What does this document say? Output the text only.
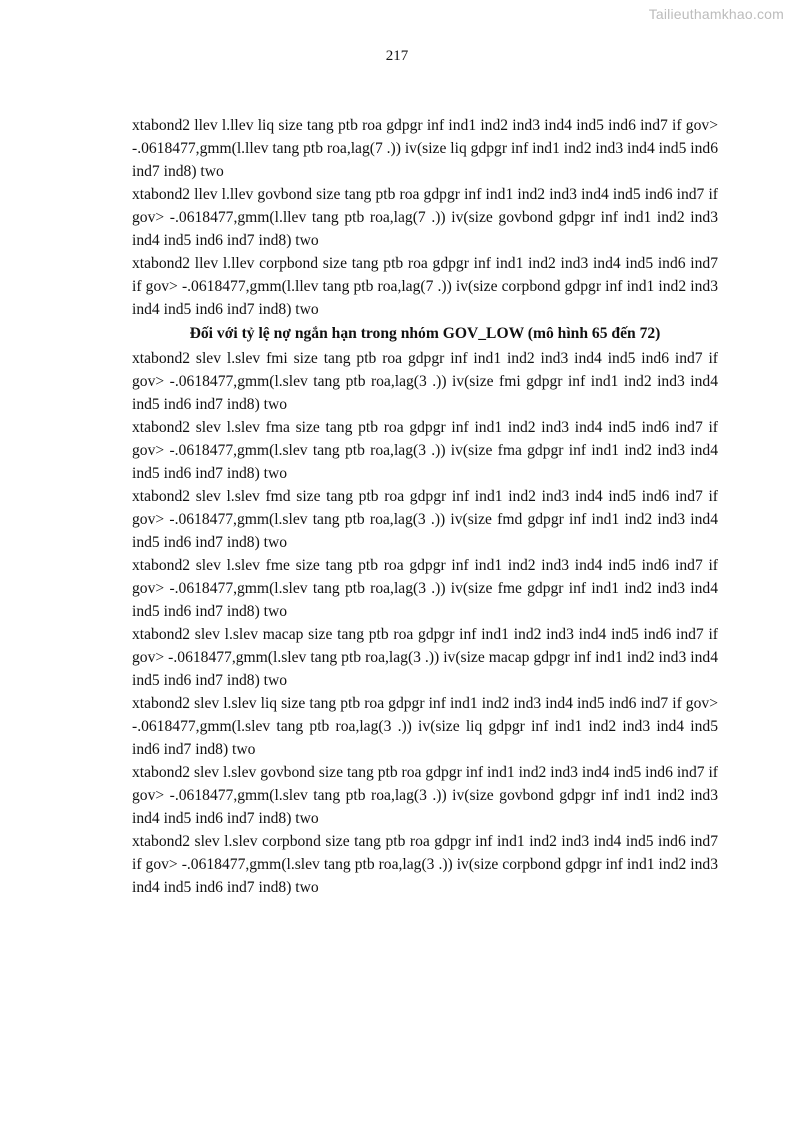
Tailieuthamkhao.com
217

xtabond2 llev l.llev liq size tang ptb roa gdpgr inf ind1 ind2 ind3 ind4 ind5 ind6 ind7 if gov> -.0618477,gmm(l.llev tang ptb roa,lag(7 .)) iv(size liq gdpgr inf ind1 ind2 ind3 ind4 ind5 ind6 ind7 ind8) two

xtabond2 llev l.llev govbond size tang ptb roa gdpgr inf ind1 ind2 ind3 ind4 ind5 ind6 ind7 if gov> -.0618477,gmm(l.llev tang ptb roa,lag(7 .)) iv(size govbond gdpgr inf ind1 ind2 ind3 ind4 ind5 ind6 ind7 ind8) two

xtabond2 llev l.llev corpbond size tang ptb roa gdpgr inf ind1 ind2 ind3 ind4 ind5 ind6 ind7 if gov> -.0618477,gmm(l.llev tang ptb roa,lag(7 .)) iv(size corpbond gdpgr inf ind1 ind2 ind3 ind4 ind5 ind6 ind7 ind8) two

Đối với tỷ lệ nợ ngắn hạn trong nhóm GOV_LOW (mô hình 65 đến 72)

xtabond2 slev l.slev fmi size tang ptb roa gdpgr inf ind1 ind2 ind3 ind4 ind5 ind6 ind7 if gov> -.0618477,gmm(l.slev tang ptb roa,lag(3 .)) iv(size fmi gdpgr inf ind1 ind2 ind3 ind4 ind5 ind6 ind7 ind8) two

xtabond2 slev l.slev fma size tang ptb roa gdpgr inf ind1 ind2 ind3 ind4 ind5 ind6 ind7 if gov> -.0618477,gmm(l.slev tang ptb roa,lag(3 .)) iv(size fma gdpgr inf ind1 ind2 ind3 ind4 ind5 ind6 ind7 ind8) two

xtabond2 slev l.slev fmd size tang ptb roa gdpgr inf ind1 ind2 ind3 ind4 ind5 ind6 ind7 if gov> -.0618477,gmm(l.slev tang ptb roa,lag(3 .)) iv(size fmd gdpgr inf ind1 ind2 ind3 ind4 ind5 ind6 ind7 ind8) two

xtabond2 slev l.slev fme size tang ptb roa gdpgr inf ind1 ind2 ind3 ind4 ind5 ind6 ind7 if gov> -.0618477,gmm(l.slev tang ptb roa,lag(3 .)) iv(size fme gdpgr inf ind1 ind2 ind3 ind4 ind5 ind6 ind7 ind8) two

xtabond2 slev l.slev macap size tang ptb roa gdpgr inf ind1 ind2 ind3 ind4 ind5 ind6 ind7 if gov> -.0618477,gmm(l.slev tang ptb roa,lag(3 .)) iv(size macap gdpgr inf ind1 ind2 ind3 ind4 ind5 ind6 ind7 ind8) two

xtabond2 slev l.slev liq size tang ptb roa gdpgr inf ind1 ind2 ind3 ind4 ind5 ind6 ind7 if gov> -.0618477,gmm(l.slev tang ptb roa,lag(3 .)) iv(size liq gdpgr inf ind1 ind2 ind3 ind4 ind5 ind6 ind7 ind8) two

xtabond2 slev l.slev govbond size tang ptb roa gdpgr inf ind1 ind2 ind3 ind4 ind5 ind6 ind7 if gov> -.0618477,gmm(l.slev tang ptb roa,lag(3 .)) iv(size govbond gdpgr inf ind1 ind2 ind3 ind4 ind5 ind6 ind7 ind8) two

xtabond2 slev l.slev corpbond size tang ptb roa gdpgr inf ind1 ind2 ind3 ind4 ind5 ind6 ind7 if gov> -.0618477,gmm(l.slev tang ptb roa,lag(3 .)) iv(size corpbond gdpgr inf ind1 ind2 ind3 ind4 ind5 ind6 ind7 ind8) two
